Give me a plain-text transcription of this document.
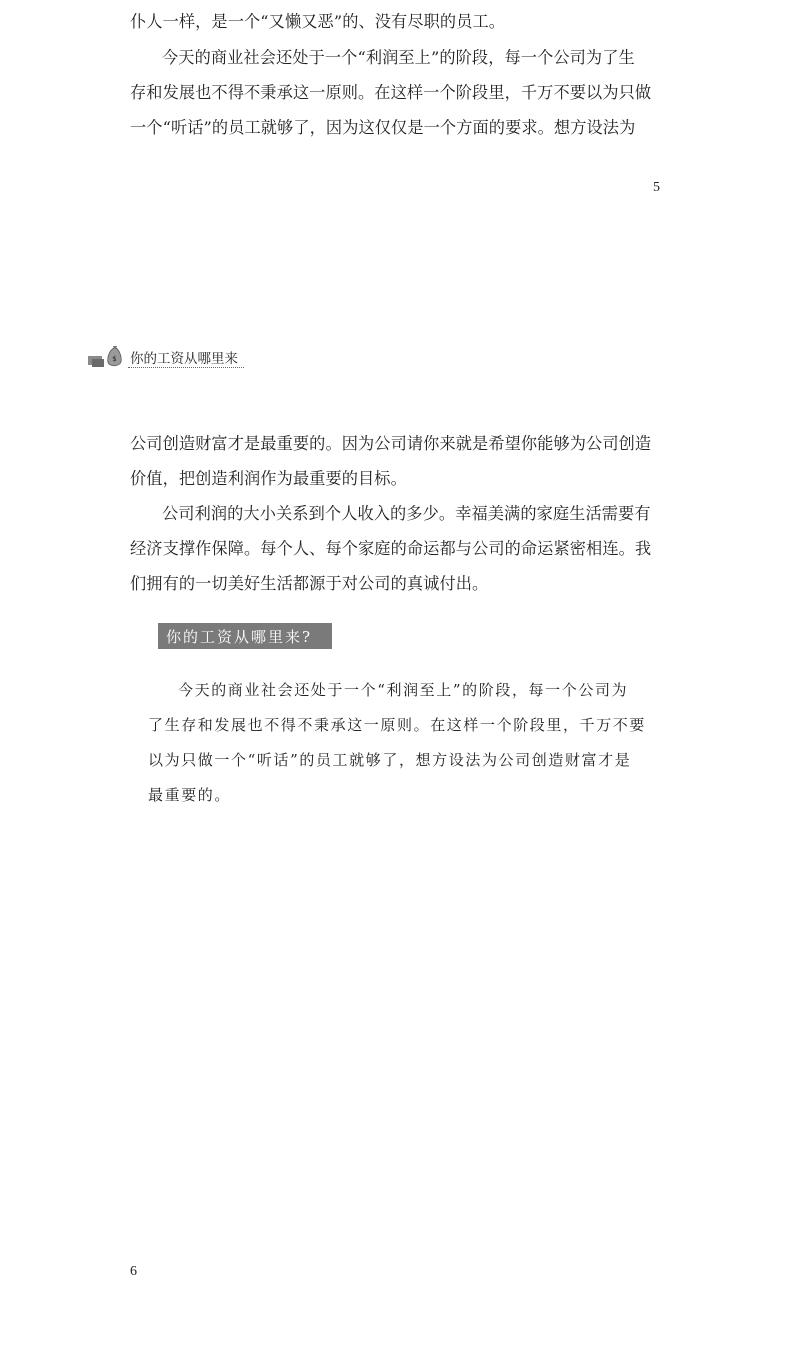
仆人一样，是一个“又懒又恶”的、没有尽职的员工。

今天的商业社会还处于一个“利润至上”的阶段，每一个公司为了生

存和发展也不得不秉承这一原则。在这样一个阶段里，千万不要以为只做

一个“听话”的员工就够了，因为这仅仅是一个方面的要求。想方设法为

5
$ 你的工资从哪里来

公司创造财富才是最重要的。因为公司请你来就是希望你能够为公司创造

价值，把创造利润作为最重要的目标。

公司利润的大小关系到个人收入的多少。幸福美满的家庭生活需要有

经济支撑作保障。每个人、每个家庭的命运都与公司的命运紧密相连。我

们拥有的一切美好生活都源于对公司的真诚付出。

你的工资从哪里来?

今天的商业社会还处于一个“利润至上”的阶段，每一个公司为

了生存和发展也不得不秉承这一原则。在这样一个阶段里，千万不要

以为只做一个“听话”的员工就够了，想方设法为公司创造财富才是

最重要的。

6
